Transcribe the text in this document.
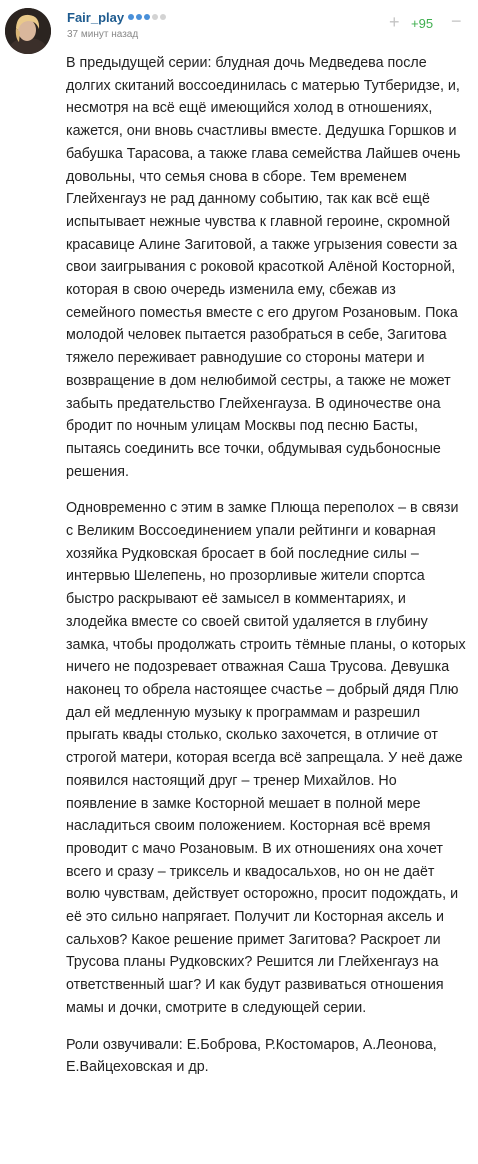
Fair_play
37 минут назад
+ +95 −

В предыдущей серии: блудная дочь Медведева после долгих скитаний воссоединилась с матерью Тутберидзе, и, несмотря на всё ещё имеющийся холод в отношениях, кажется, они вновь счастливы вместе. Дедушка Горшков и бабушка Тарасова, а также глава семейства Лайшев очень довольны, что семья снова в сборе. Тем временем Глейхенгауз не рад данному событию, так как всё ещё испытывает нежные чувства к главной героине, скромной красавице Алине Загитовой, а также угрызения совести за свои заигрывания с роковой красоткой Алёной Косторной, которая в свою очередь изменила ему, сбежав из семейного поместья вместе с его другом Розановым. Пока молодой человек пытается разобраться в себе, Загитова тяжело переживает равнодушие со стороны матери и возвращение в дом нелюбимой сестры, а также не может забыть предательство Глейхенгауза. В одиночестве она бродит по ночным улицам Москвы под песню Басты, пытаясь соединить все точки, обдумывая судьбоносные решения.

Одновременно с этим в замке Плюща переполох – в связи с Великим Воссоединением упали рейтинги и коварная хозяйка Рудковская бросает в бой последние силы – интервью Шелепень, но прозорливые жители спортса быстро раскрывают её замысел в комментариях, и злодейка вместе со своей свитой удаляется в глубину замка, чтобы продолжать строить тёмные планы, о которых ничего не подозревает отважная Саша Трусова. Девушка наконец то обрела настоящее счастье – добрый дядя Плю дал ей медленную музыку к программам и разрешил прыгать квады столько, сколько захочется, в отличие от строгой матери, которая всегда всё запрещала. У неё даже появился настоящий друг – тренер Михайлов. Но появление в замке Косторной мешает в полной мере насладиться своим положением. Косторная всё время проводит с мачо Розановым. В их отношениях она хочет всего и сразу – триксель и квадосальхов, но он не даёт волю чувствам, действует осторожно, просит подождать, и её это сильно напрягает. Получит ли Косторная аксель и сальхов? Какое решение примет Загитова? Раскроет ли Трусова планы Рудковских? Решится ли Глейхенгауз на ответственный шаг? И как будут развиваться отношения мамы и дочки, смотрите в следующей серии.

Роли озвучивали: Е.Боброва, Р.Костомаров, А.Леонова, Е.Вайцеховская и др.
